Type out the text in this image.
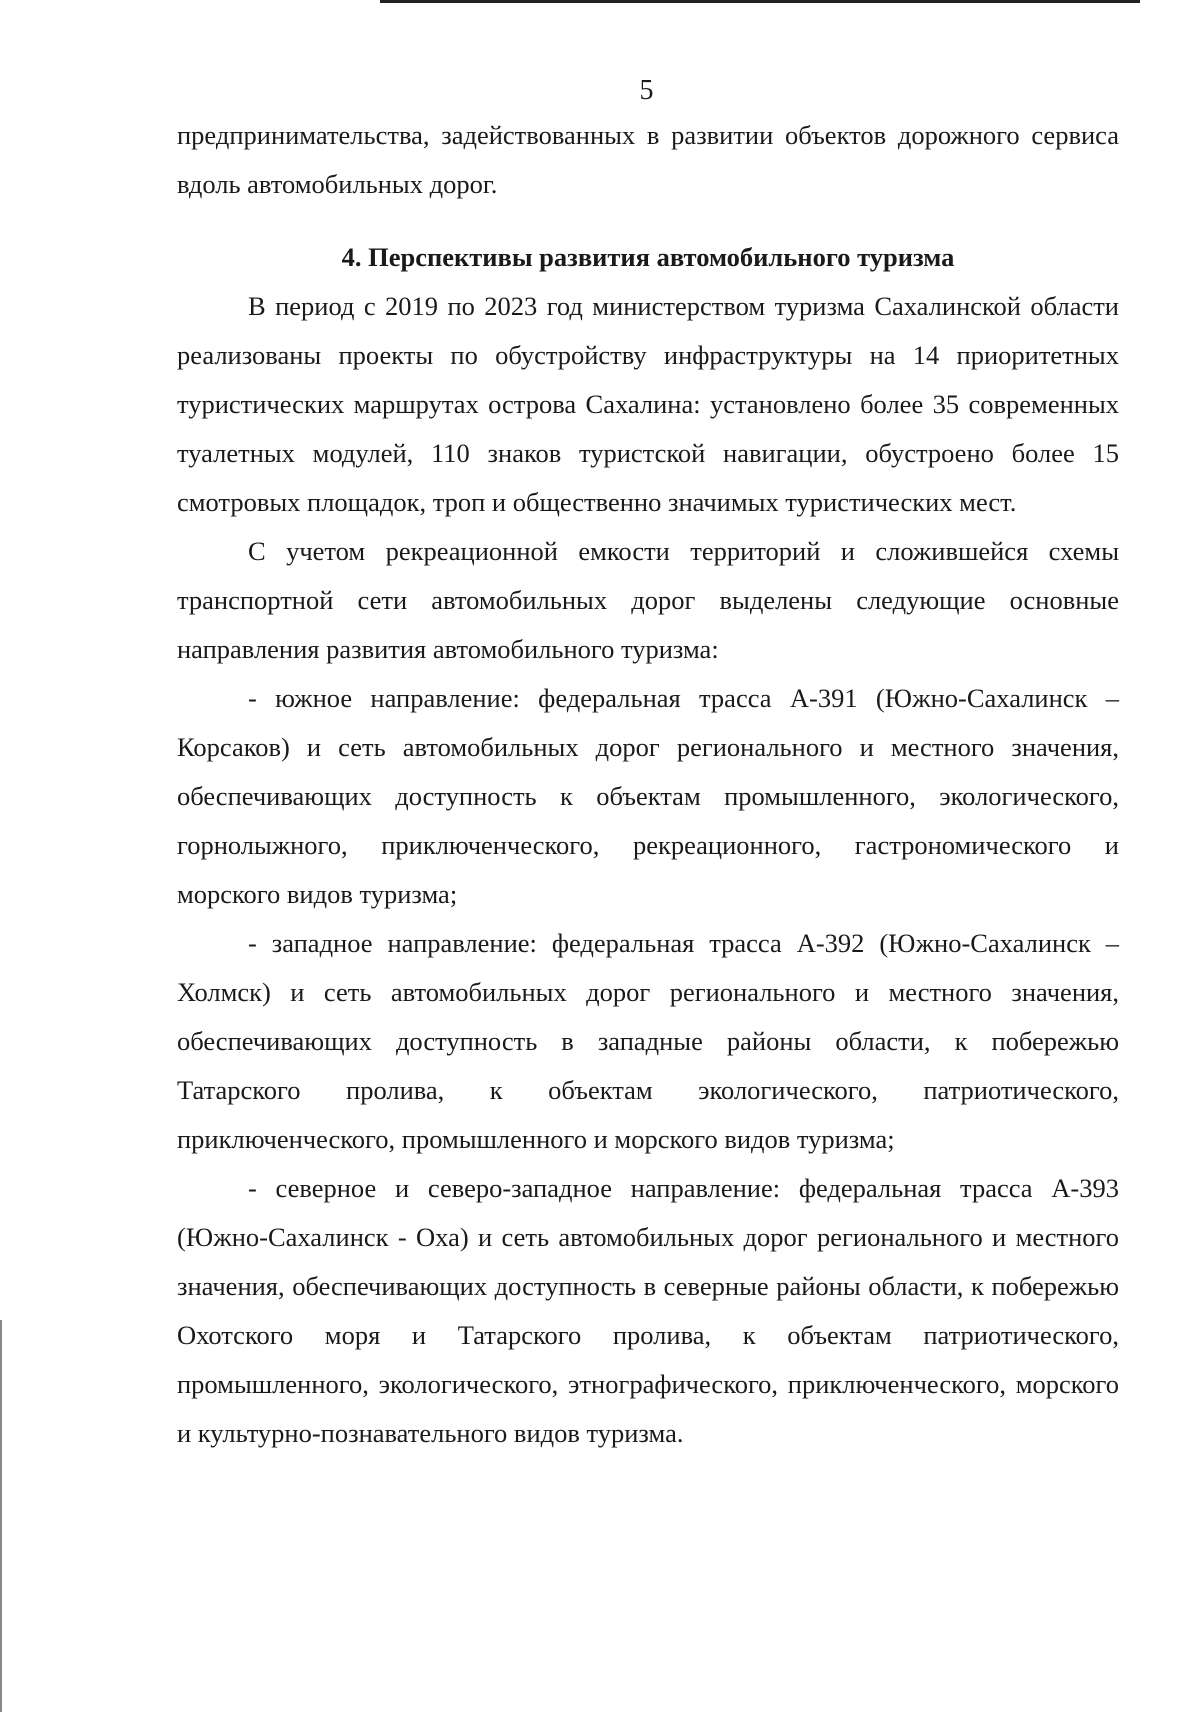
5

предпринимательства, задействованных в развитии объектов дорожного сервиса вдоль автомобильных дорог.

4. Перспективы развития автомобильного туризма

В период с 2019 по 2023 год министерством туризма Сахалинской области реализованы проекты по обустройству инфраструктуры на 14 приоритетных туристических маршрутах острова Сахалина: установлено более 35 современных туалетных модулей, 110 знаков туристской навигации, обустроено более 15 смотровых площадок, троп и общественно значимых туристических мест.

С учетом рекреационной емкости территорий и сложившейся схемы транспортной сети автомобильных дорог выделены следующие основные направления развития автомобильного туризма:

- южное направление: федеральная трасса А-391 (Южно-Сахалинск – Корсаков) и сеть автомобильных дорог регионального и местного значения, обеспечивающих доступность к объектам промышленного, экологического, горнолыжного, приключенческого, рекреационного, гастрономического и морского видов туризма;

- западное направление: федеральная трасса А-392 (Южно-Сахалинск – Холмск) и сеть автомобильных дорог регионального и местного значения, обеспечивающих доступность в западные районы области, к побережью Татарского пролива, к объектам экологического, патриотического, приключенческого, промышленного и морского видов туризма;

- северное и северо-западное направление: федеральная трасса А-393 (Южно-Сахалинск - Оха) и сеть автомобильных дорог регионального и местного значения, обеспечивающих доступность в северные районы области, к побережью Охотского моря и Татарского пролива, к объектам патриотического, промышленного, экологического, этнографического, приключенческого, морского и культурно-познавательного видов туризма.
